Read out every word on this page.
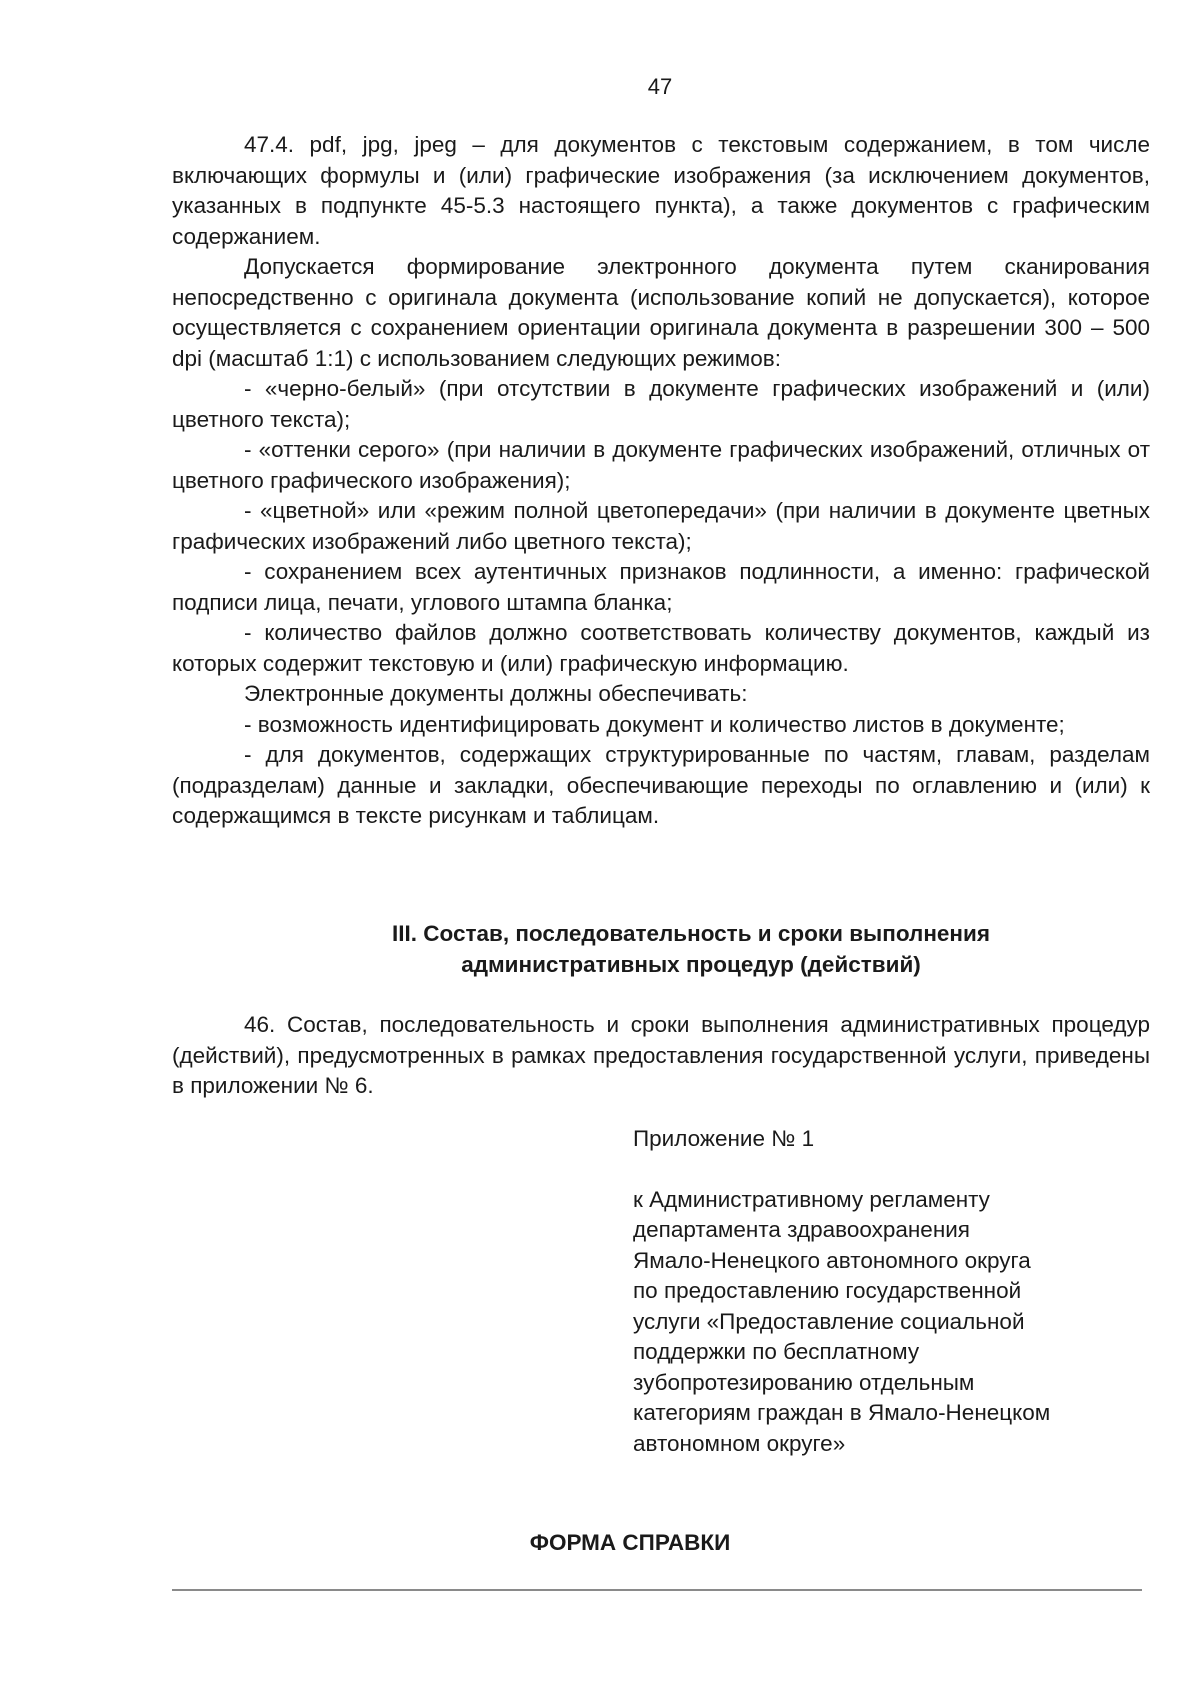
47

47.4. pdf, jpg, jpeg – для документов с текстовым содержанием, в том числе включающих формулы и (или) графические изображения (за исключением документов, указанных в подпункте 45-5.3 настоящего пункта), а также документов с графическим содержанием.

Допускается формирование электронного документа путем сканирования непосредственно с оригинала документа (использование копий не допускается), которое осуществляется с сохранением ориентации оригинала документа в разрешении 300 – 500 dpi (масштаб 1:1) с использованием следующих режимов:

- «черно-белый» (при отсутствии в документе графических изображений и (или) цветного текста);

- «оттенки серого» (при наличии в документе графических изображений, отличных от цветного графического изображения);

- «цветной» или «режим полной цветопередачи» (при наличии в документе цветных графических изображений либо цветного текста);

- сохранением всех аутентичных признаков подлинности, а именно: графической подписи лица, печати, углового штампа бланка;

- количество файлов должно соответствовать количеству документов, каждый из которых содержит текстовую и (или) графическую информацию.

Электронные документы должны обеспечивать:

- возможность идентифицировать документ и количество листов в документе;

- для документов, содержащих структурированные по частям, главам, разделам (подразделам) данные и закладки, обеспечивающие переходы по оглавлению и (или) к содержащимся в тексте рисункам и таблицам.

III. Состав, последовательность и сроки выполнения
административных процедур (действий)

46. Состав, последовательность и сроки выполнения административных процедур (действий), предусмотренных в рамках предоставления государственной услуги, приведены в приложении № 6.

Приложение № 1

к Административному регламенту

департамента здравоохранения

Ямало-Ненецкого автономного округа

по предоставлению государственной

услуги «Предоставление социальной

поддержки по бесплатному

зубопротезированию отдельным

категориям граждан в Ямало-Ненецком

автономном округе»

ФОРМА СПРАВКИ
